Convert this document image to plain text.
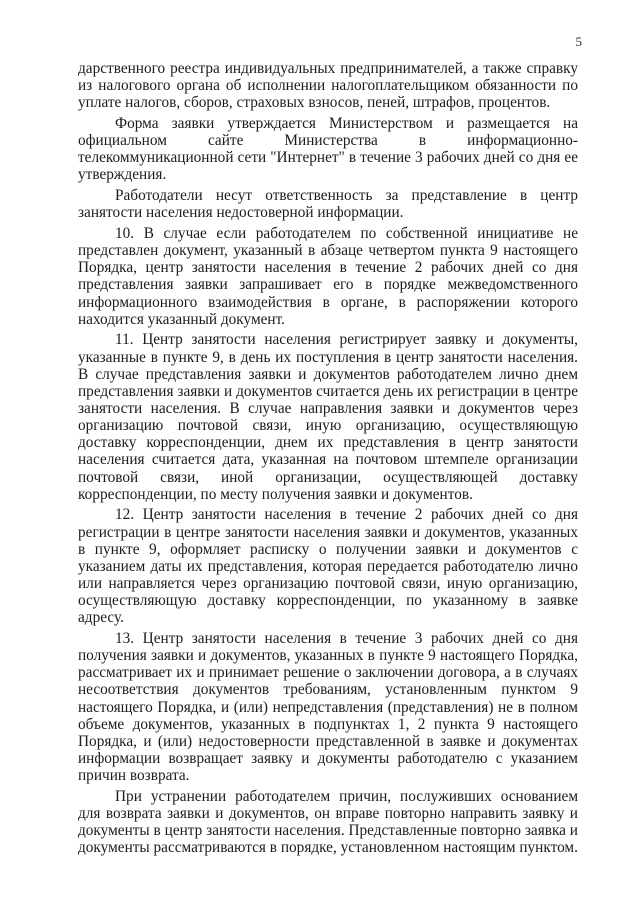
5

дарственного реестра индивидуальных предпринимателей, а также справку из налогового органа об исполнении налогоплательщиком обязанности по уплате налогов, сборов, страховых взносов, пеней, штрафов, процентов.

Форма заявки утверждается Министерством и размещается на официальном сайте Министерства в информационно-телекоммуникационной сети "Интернет" в течение 3 рабочих дней со дня ее утверждения.

Работодатели несут ответственность за представление в центр занятости населения недостоверной информации.

10. В случае если работодателем по собственной инициативе не представлен документ, указанный в абзаце четвертом пункта 9 настоящего Порядка, центр занятости населения в течение 2 рабочих дней со дня представления заявки запрашивает его в порядке межведомственного информационного взаимодействия в органе, в распоряжении которого находится указанный документ.

11. Центр занятости населения регистрирует заявку и документы, указанные в пункте 9, в день их поступления в центр занятости населения. В случае представления заявки и документов работодателем лично днем представления заявки и документов считается день их регистрации в центре занятости населения. В случае направления заявки и документов через организацию почтовой связи, иную организацию, осуществляющую доставку корреспонденции, днем их представления в центр занятости населения считается дата, указанная на почтовом штемпеле организации почтовой связи, иной организации, осуществляющей доставку корреспонденции, по месту получения заявки и документов.

12. Центр занятости населения в течение 2 рабочих дней со дня регистрации в центре занятости населения заявки и документов, указанных в пункте 9, оформляет расписку о получении заявки и документов с указанием даты их представления, которая передается работодателю лично или направляется через организацию почтовой связи, иную организацию, осуществляющую доставку корреспонденции, по указанному в заявке адресу.

13. Центр занятости населения в течение 3 рабочих дней со дня получения заявки и документов, указанных в пункте 9 настоящего Порядка, рассматривает их и принимает решение о заключении договора, а в случаях несоответствия документов требованиям, установленным пунктом 9 настоящего Порядка, и (или) непредставления (представления) не в полном объеме документов, указанных в подпунктах 1, 2 пункта 9 настоящего Порядка, и (или) недостоверности представленной в заявке и документах информации возвращает заявку и документы работодателю с указанием причин возврата.

При устранении работодателем причин, послуживших основанием для возврата заявки и документов, он вправе повторно направить заявку и документы в центр занятости населения. Представленные повторно заявка и документы рассматриваются в порядке, установленном настоящим пунктом.
